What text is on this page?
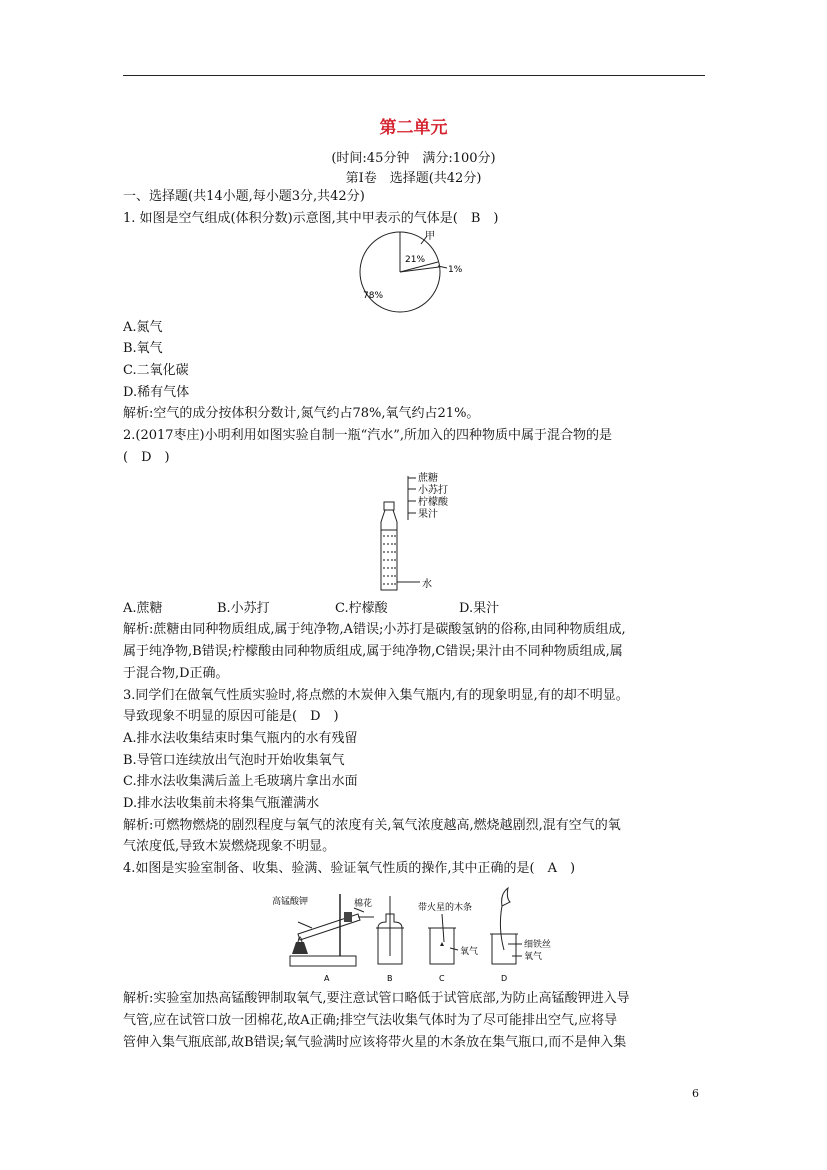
第二单元
(时间:45分钟　满分:100分)
第Ⅰ卷　选择题(共42分)
一、选择题(共14小题,每小题3分,共42分)
1. 如图是空气组成(体积分数)示意图,其中甲表示的气体是(　B　)
甲
21%
1%
78%
A.氮气
B.氧气
C.二氧化碳
D.稀有气体
解析:空气的成分按体积分数计,氮气约占78%,氧气约占21%。
2.(2017枣庄)小明利用如图实验自制一瓶“汽水”,所加入的四种物质中属于混合物的是
(　D　)
蔗糖
小苏打
柠檬酸
果汁
水
A.蔗糖	B.小苏打	C.柠檬酸	D.果汁
解析:蔗糖由同种物质组成,属于纯净物,A错误;小苏打是碳酸氢钠的俗称,由同种物质组成,
属于纯净物,B错误;柠檬酸由同种物质组成,属于纯净物,C错误;果汁由不同种物质组成,属
于混合物,D正确。
3.同学们在做氧气性质实验时,将点燃的木炭伸入集气瓶内,有的现象明显,有的却不明显。
导致现象不明显的原因可能是(　D　)
A.排水法收集结束时集气瓶内的水有残留
B.导管口连续放出气泡时开始收集氧气
C.排水法收集满后盖上毛玻璃片拿出水面
D.排水法收集前未将集气瓶灌满水
解析:可燃物燃烧的剧烈程度与氧气的浓度有关,氧气浓度越高,燃烧越剧烈,混有空气的氧
气浓度低,导致木炭燃烧现象不明显。
4.如图是实验室制备、收集、验满、验证氧气性质的操作,其中正确的是(　A　)
高锰酸钾	棉花	带火星的木条
氧气
细铁丝
氧气
A	B	C	D
解析:实验室加热高锰酸钾制取氧气,要注意试管口略低于试管底部,为防止高锰酸钾进入导
气管,应在试管口放一团棉花,故A正确;排空气法收集气体时为了尽可能排出空气,应将导
管伸入集气瓶底部,故B错误;氧气验满时应该将带火星的木条放在集气瓶口,而不是伸入集
6
